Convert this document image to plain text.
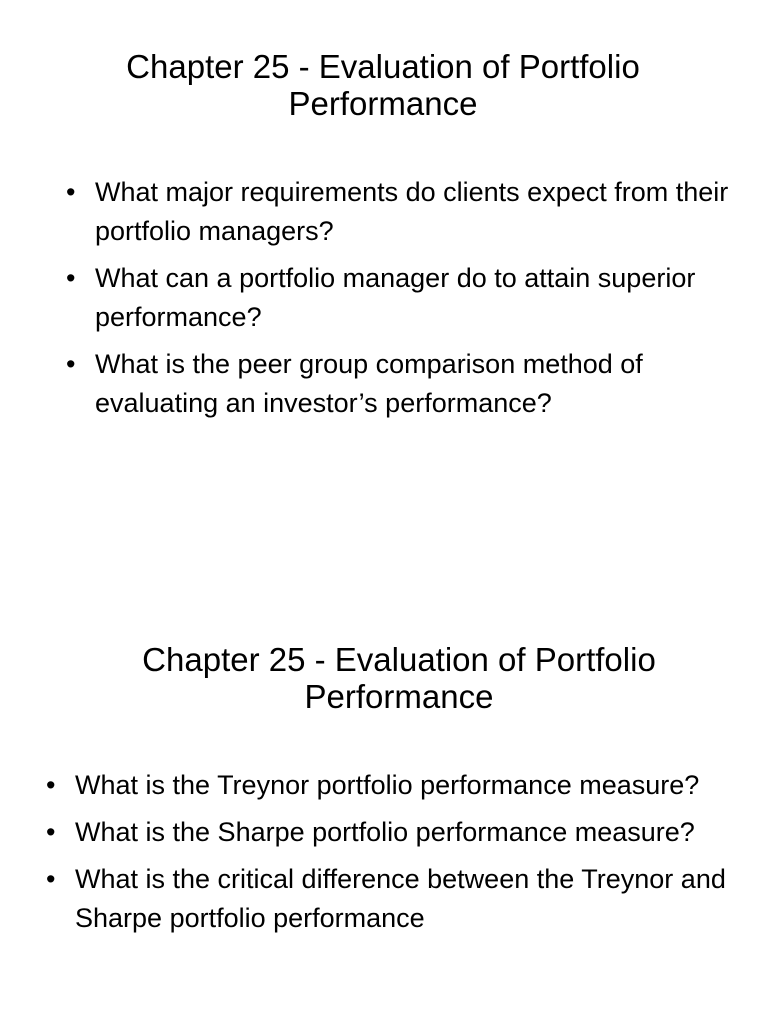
Chapter 25 - Evaluation of Portfolio
Performance
• What major requirements do clients expect from their portfolio managers?
• What can a portfolio manager do to attain superior performance?
• What is the peer group comparison method of evaluating an investor’s performance?
Chapter 25 - Evaluation of Portfolio
Performance
• What is the Treynor portfolio performance measure?
• What is the Sharpe portfolio performance measure?
• What is the critical difference between the Treynor and Sharpe portfolio performance
